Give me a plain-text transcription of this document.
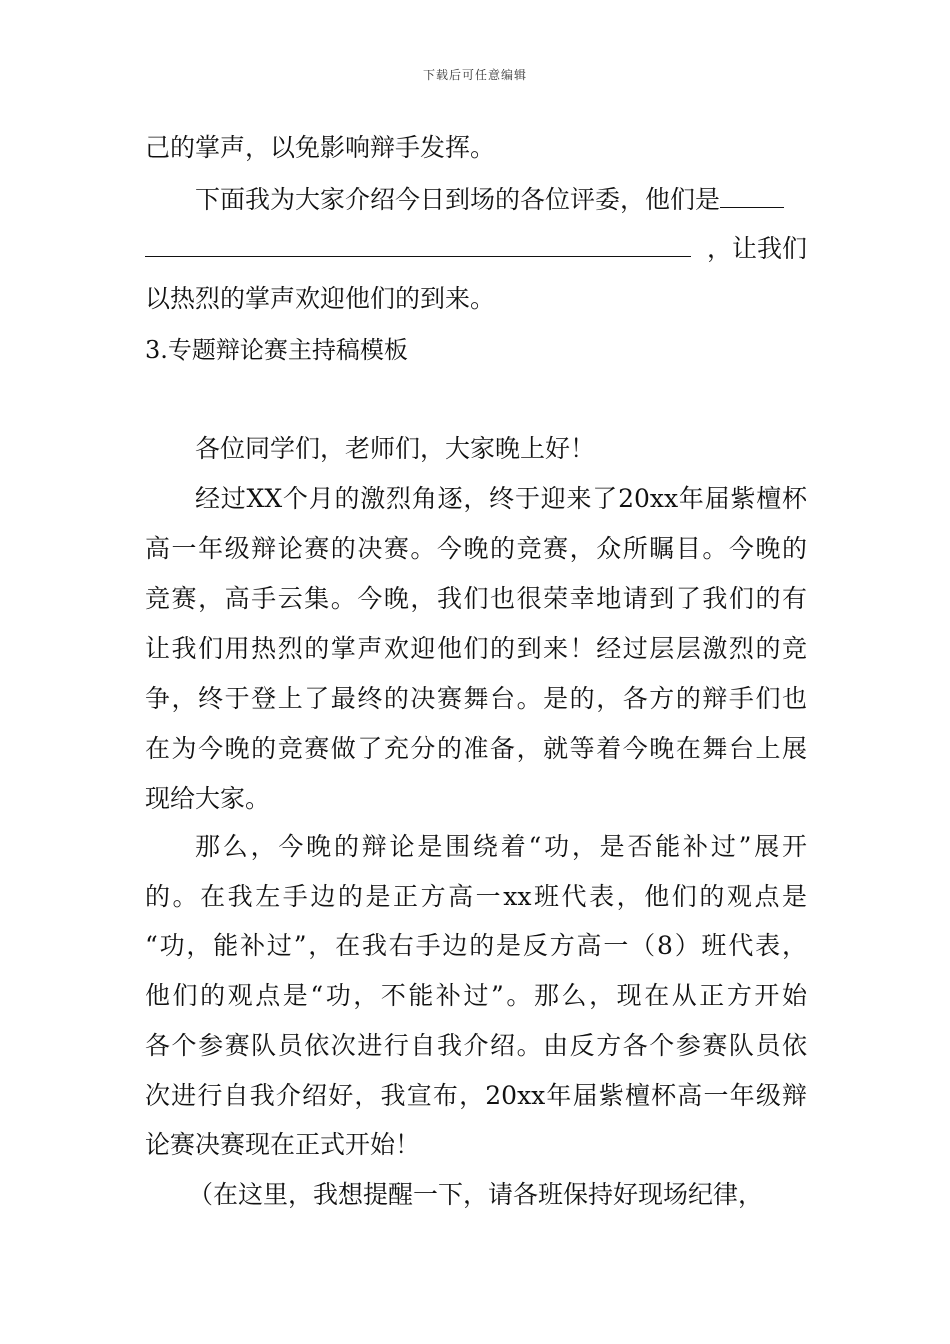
下载后可任意编辑
己的掌声，以免影响辩手发挥。
下面我为大家介绍今日到场的各位评委，他们是
，让我们
以热烈的掌声欢迎他们的到来。
3.专题辩论赛主持稿模板
各位同学们，老师们，大家晚上好！
经过XX个月的激烈角逐，终于迎来了20xx年届紫檀杯
高一年级辩论赛的决赛。今晚的竞赛，众所瞩目。今晚的
竞赛，高手云集。今晚，我们也很荣幸地请到了我们的有
让我们用热烈的掌声欢迎他们的到来！经过层层激烈的竞
争，终于登上了最终的决赛舞台。是的，各方的辩手们也
在为今晚的竞赛做了充分的准备，就等着今晚在舞台上展
现给大家。
那么，今晚的辩论是围绕着“功，是否能补过”展开
的。在我左手边的是正方高一xx班代表，他们的观点是
“功，能补过”，在我右手边的是反方高一（8）班代表，
他们的观点是“功，不能补过”。那么，现在从正方开始
各个参赛队员依次进行自我介绍。由反方各个参赛队员依
次进行自我介绍好，我宣布，20xx年届紫檀杯高一年级辩
论赛决赛现在正式开始！
（在这里，我想提醒一下，请各班保持好现场纪律，
